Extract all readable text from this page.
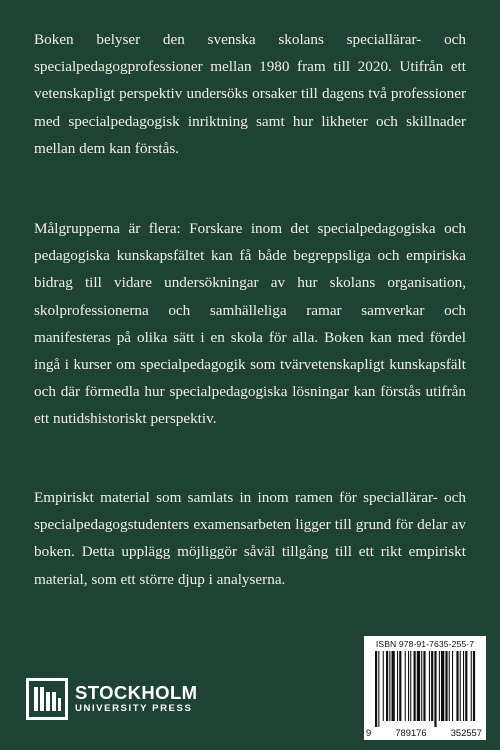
Boken belyser den svenska skolans speciallärar- och specialpedagogprofessioner mellan 1980 fram till 2020. Utifrån ett vetenskapligt perspektiv undersöks orsaker till dagens två professioner med specialpedagogisk inriktning samt hur likheter och skillnader mellan dem kan förstås.

Målgrupperna är flera: Forskare inom det specialpedagogiska och pedagogiska kunskapsfältet kan få både begreppsliga och empiriska bidrag till vidare undersökningar av hur skolans organisation, skolprofessionerna och samhälleliga ramar samverkar och manifesteras på olika sätt i en skola för alla. Boken kan med fördel ingå i kurser om specialpedagogik som tvärvetenskapligt kunskapsfält och där förmedla hur specialpedagogiska lösningar kan förstås utifrån ett nutidshistoriskt perspektiv.

Empiriskt material som samlats in inom ramen för speciallärar- och specialpedagogstudenters examensarbeten ligger till grund för delar av boken. Detta upplägg möjliggör såväl tillgång till ett rikt empiriskt material, som ett större djup i analyserna.

STOCKHOLM
UNIVERSITY PRESS
ISBN 978-91-7635-255-7
9	789176	352557
